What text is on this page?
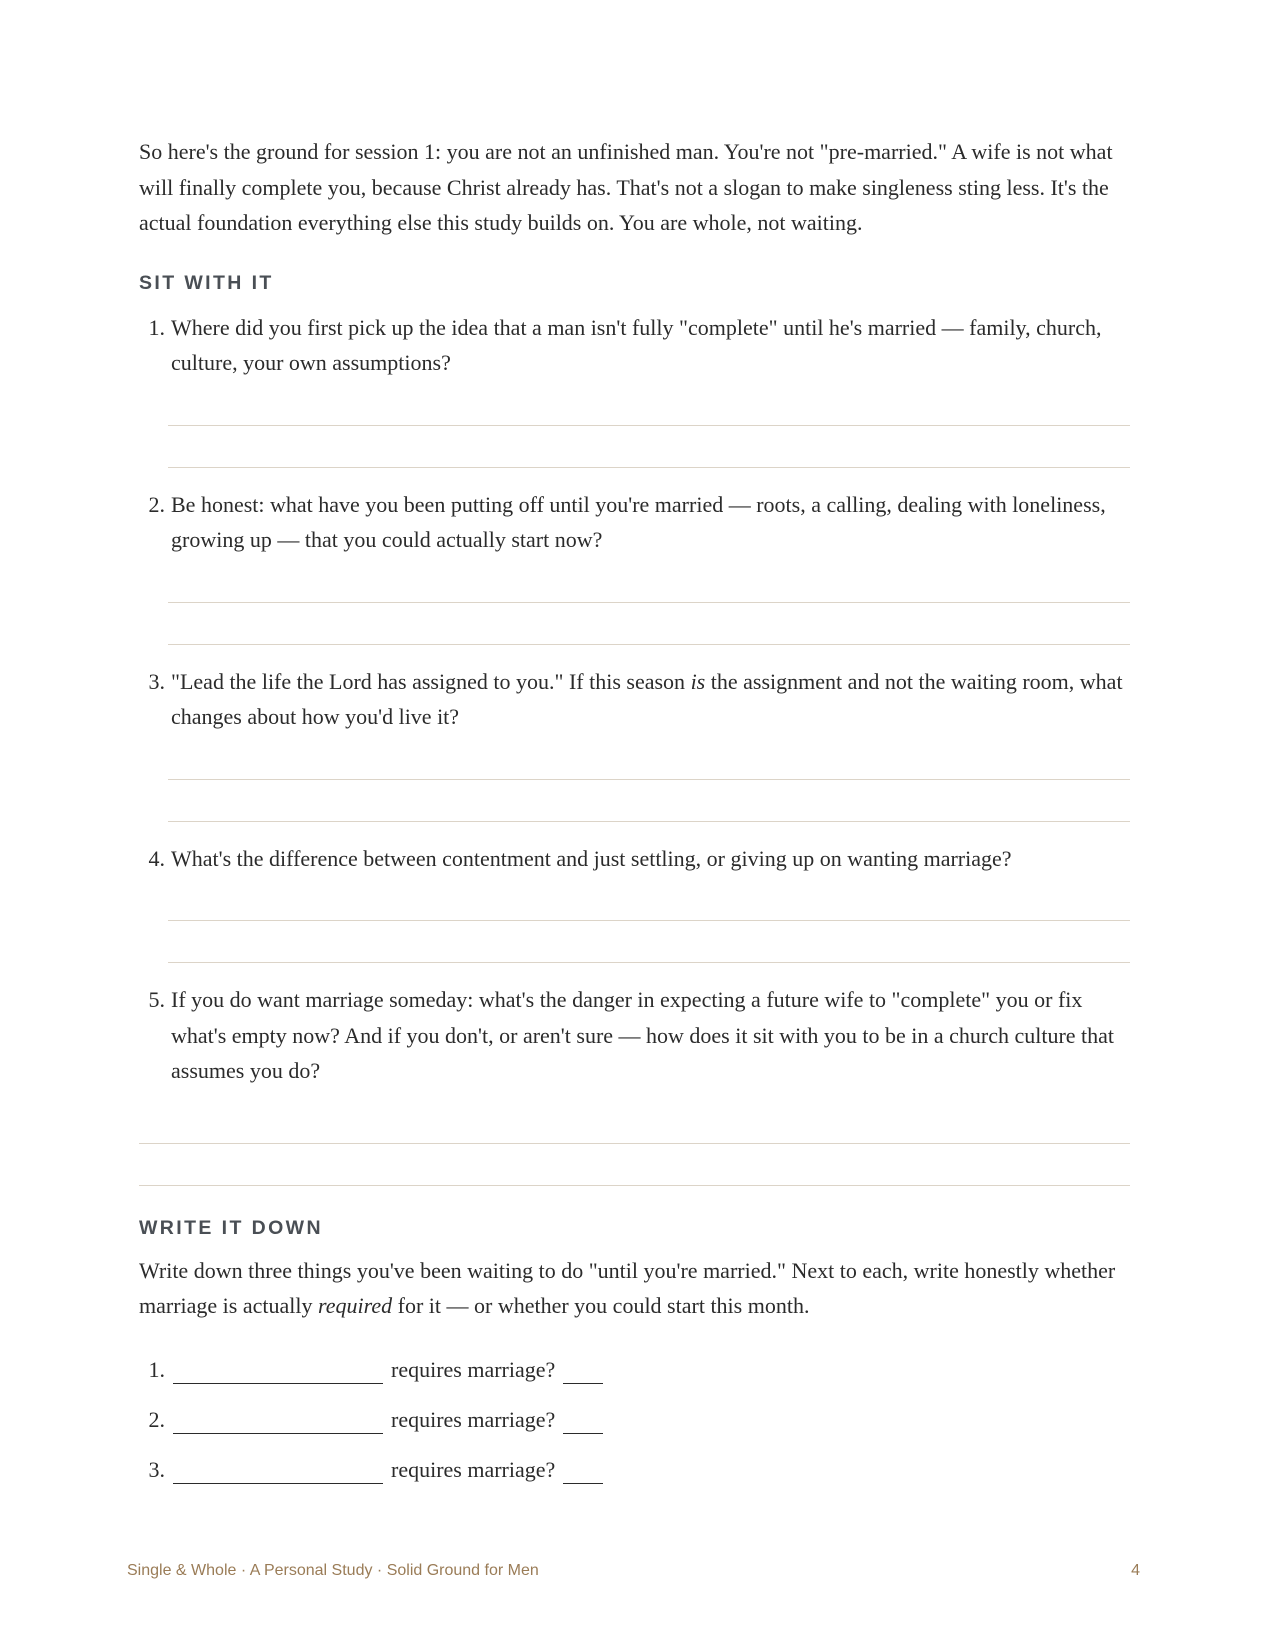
So here's the ground for session 1: you are not an unfinished man. You're not "pre-married." A wife is not what will finally complete you, because Christ already has. That's not a slogan to make singleness sting less. It's the actual foundation everything else this study builds on. You are whole, not waiting.

SIT WITH IT
1. Where did you first pick up the idea that a man isn't fully "complete" until he's married — family, church, culture, your own assumptions?
2. Be honest: what have you been putting off until you're married — roots, a calling, dealing with loneliness, growing up — that you could actually start now?
3. "Lead the life the Lord has assigned to you." If this season is the assignment and not the waiting room, what changes about how you'd live it?
4. What's the difference between contentment and just settling, or giving up on wanting marriage?
5. If you do want marriage someday: what's the danger in expecting a future wife to "complete" you or fix what's empty now? And if you don't, or aren't sure — how does it sit with you to be in a church culture that assumes you do?
WRITE IT DOWN

Write down three things you've been waiting to do "until you're married." Next to each, write honestly whether marriage is actually required for it — or whether you could start this month.

1.	requires marriage?
2.	requires marriage?
3.	requires marriage?
Single & Whole · A Personal Study · Solid Ground for Men	4
